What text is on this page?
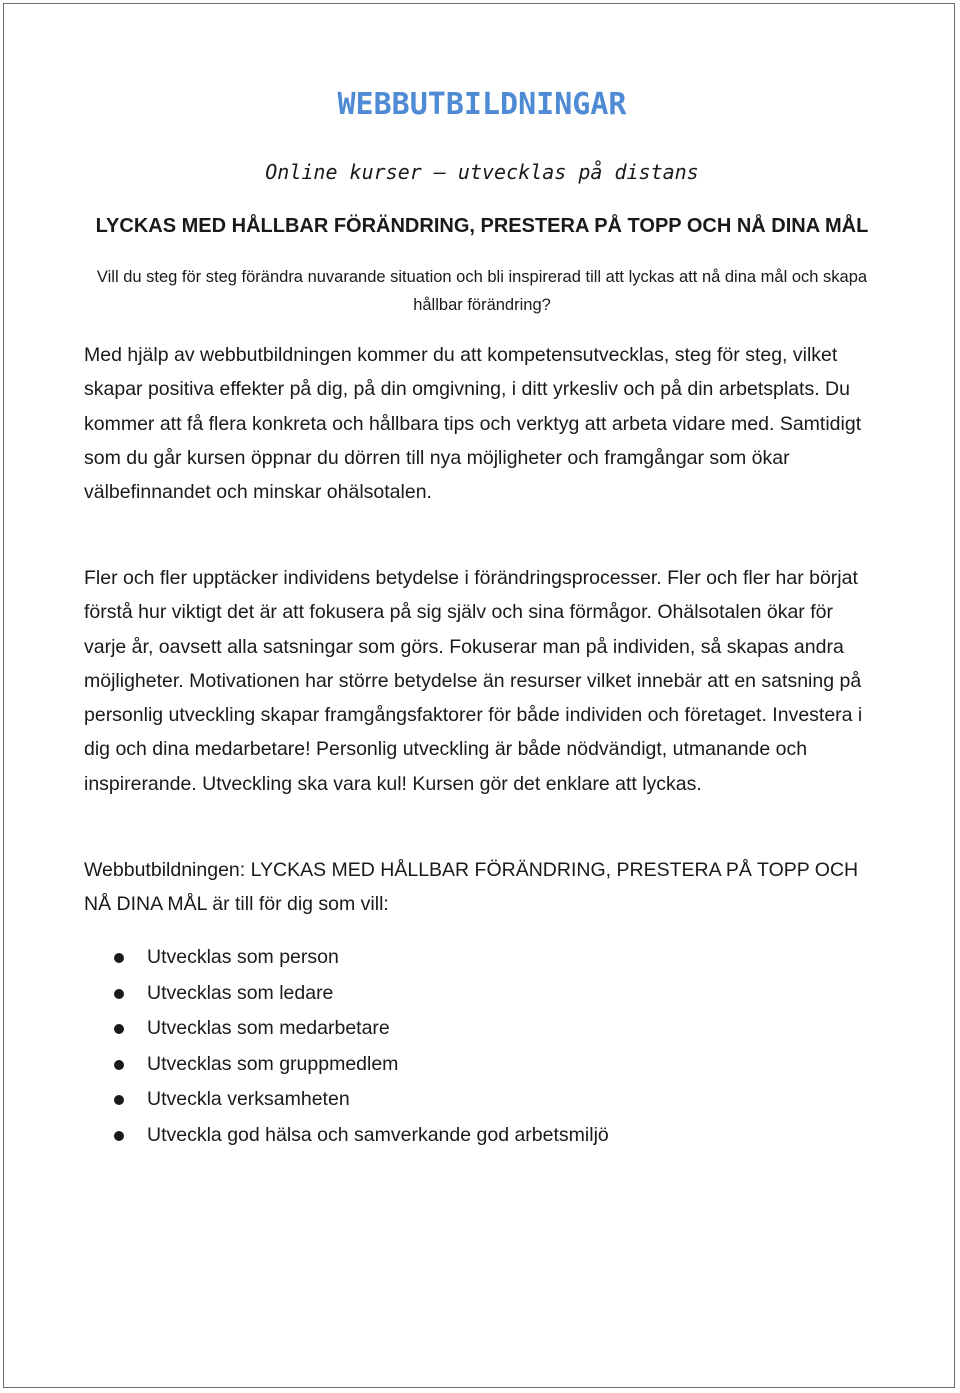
WEBBUTBILDNINGAR

Online kurser – utvecklas på distans

LYCKAS MED HÅLLBAR FÖRÄNDRING, PRESTERA PÅ TOPP OCH NÅ DINA MÅL

Vill du steg för steg förändra nuvarande situation och bli inspirerad till att lyckas att nå dina mål och skapa hållbar förändring?

Med hjälp av webbutbildningen kommer du att kompetensutvecklas, steg för steg, vilket skapar positiva effekter på dig, på din omgivning, i ditt yrkesliv och på din arbetsplats. Du kommer att få flera konkreta och hållbara tips och verktyg att arbeta vidare med. Samtidigt som du går kursen öppnar du dörren till nya möjligheter och framgångar som ökar välbefinnandet och minskar ohälsotalen.

Fler och fler upptäcker individens betydelse i förändringsprocesser. Fler och fler har börjat förstå hur viktigt det är att fokusera på sig själv och sina förmågor. Ohälsotalen ökar för varje år, oavsett alla satsningar som görs. Fokuserar man på individen, så skapas andra möjligheter. Motivationen har större betydelse än resurser vilket innebär att en satsning på personlig utveckling skapar framgångsfaktorer för både individen och företaget. Investera i dig och dina medarbetare! Personlig utveckling är både nödvändigt, utmanande och inspirerande. Utveckling ska vara kul! Kursen gör det enklare att lyckas.

Webbutbildningen: LYCKAS MED HÅLLBAR FÖRÄNDRING, PRESTERA PÅ TOPP OCH NÅ DINA MÅL är till för dig som vill:

Utvecklas som person
Utvecklas som ledare
Utvecklas som medarbetare
Utvecklas som gruppmedlem
Utveckla verksamheten
Utveckla god hälsa och samverkande god arbetsmiljö
